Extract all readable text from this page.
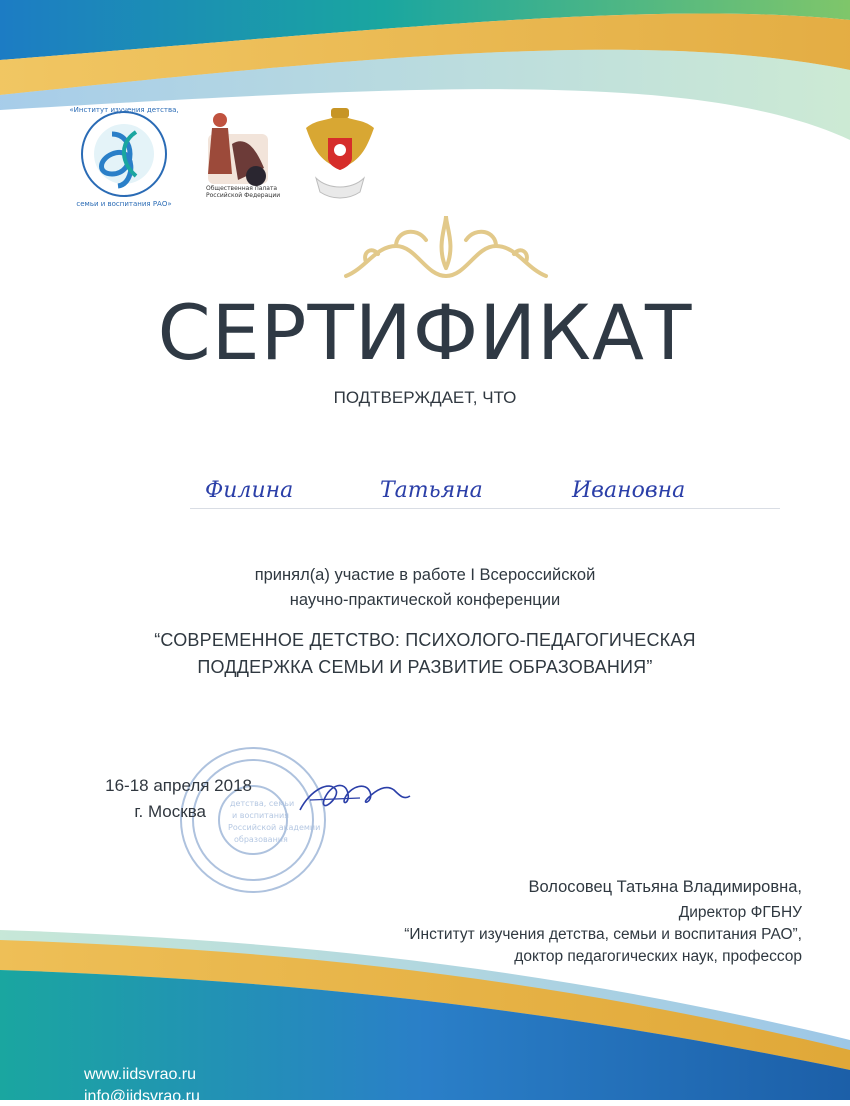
«Институт изучения детства,
семьи и воспитания РАО»
Общественная палата
Российской Федерации
СЕРТИФИКАТ
ПОДТВЕРЖДАЕТ, ЧТО
Филина	Татьяна	Ивановна
принял(а) участие в работе I Всероссийской
научно-практической конференции
“СОВРЕМЕННОЕ ДЕТСТВО: ПСИХОЛОГО-ПЕДАГОГИЧЕСКАЯ
ПОДДЕРЖКА СЕМЬИ И РАЗВИТИЕ ОБРАЗОВАНИЯ”
детства, семьи
и воспитания
Российской академии
образования
16-18 апреля 2018
г. Москва
Волосовец Татьяна Владимировна,
Директор ФГБНУ
“Институт изучения детства, семьи и воспитания РАО”,
доктор педагогических наук, профессор
www.iidsvrao.ru
info@iidsvrao.ru
